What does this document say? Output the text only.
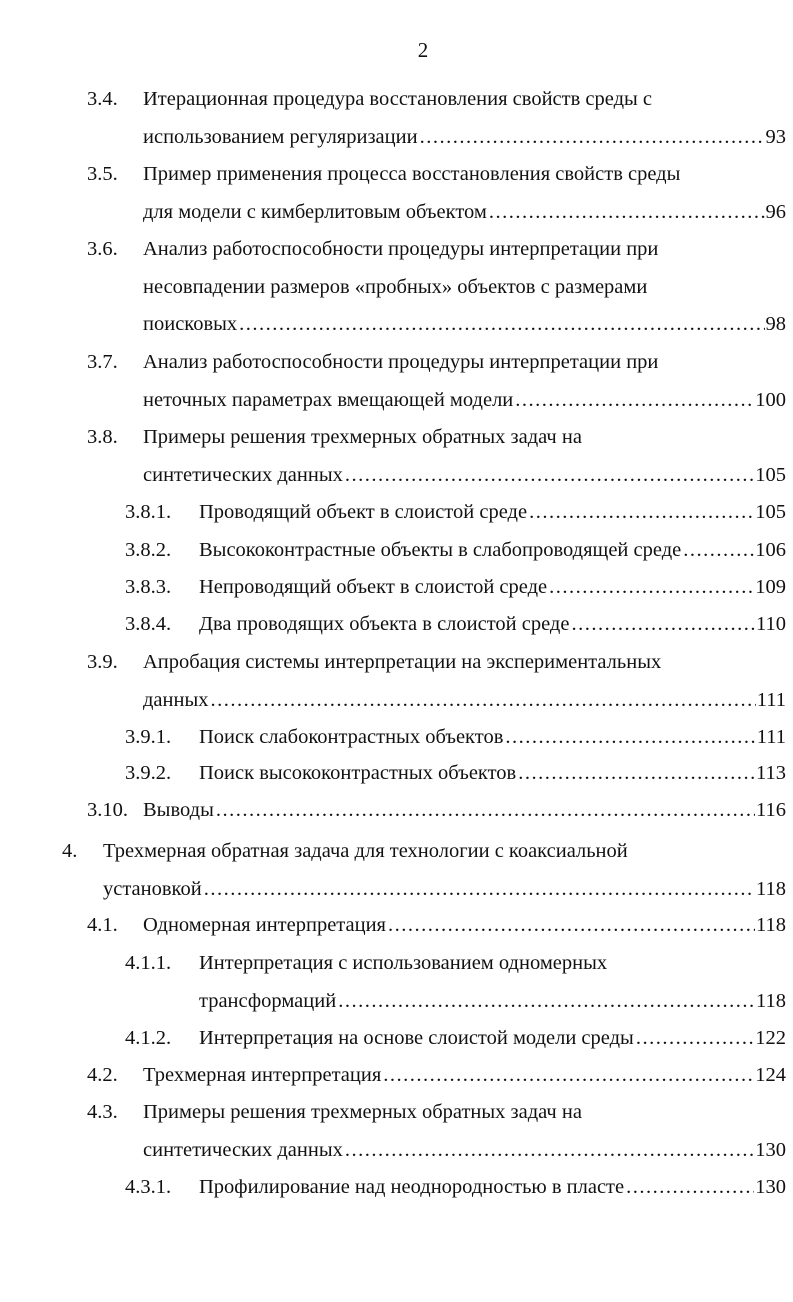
2
3.4. Итерационная процедура восстановления свойств среды с
использованием регуляризации .....	93
3.5. Пример применения процесса восстановления свойств среды
для модели с кимберлитовым объектом .....	96
3.6. Анализ работоспособности процедуры интерпретации при
несовпадении размеров «пробных» объектов с размерами
поисковых .....	98
3.7. Анализ работоспособности процедуры интерпретации при
неточных параметрах вмещающей модели .....	100
3.8. Примеры решения трехмерных обратных задач на
синтетических данных .....	105
3.8.1. Проводящий объект в слоистой среде .....	105
3.8.2. Высококонтрастные объекты в слабопроводящей среде .....	106
3.8.3. Непроводящий объект в слоистой среде .....	109
3.8.4. Два проводящих объекта в слоистой среде .....	110
3.9. Апробация системы интерпретации на экспериментальных
данных .....	111
3.9.1. Поиск слабоконтрастных объектов .....	111
3.9.2. Поиск высококонтрастных объектов .....	113
3.10. Выводы .....	116
4. Трехмерная обратная задача для технологии с коаксиальной
установкой .....	118
4.1. Одномерная интерпретация .....	118
4.1.1. Интерпретация с использованием одномерных
трансформаций .....	118
4.1.2. Интерпретация на основе слоистой модели среды .....	122
4.2. Трехмерная интерпретация .....	124
4.3. Примеры решения трехмерных обратных задач на
синтетических данных .....	130
4.3.1. Профилирование над неоднородностью в пласте .....	130
